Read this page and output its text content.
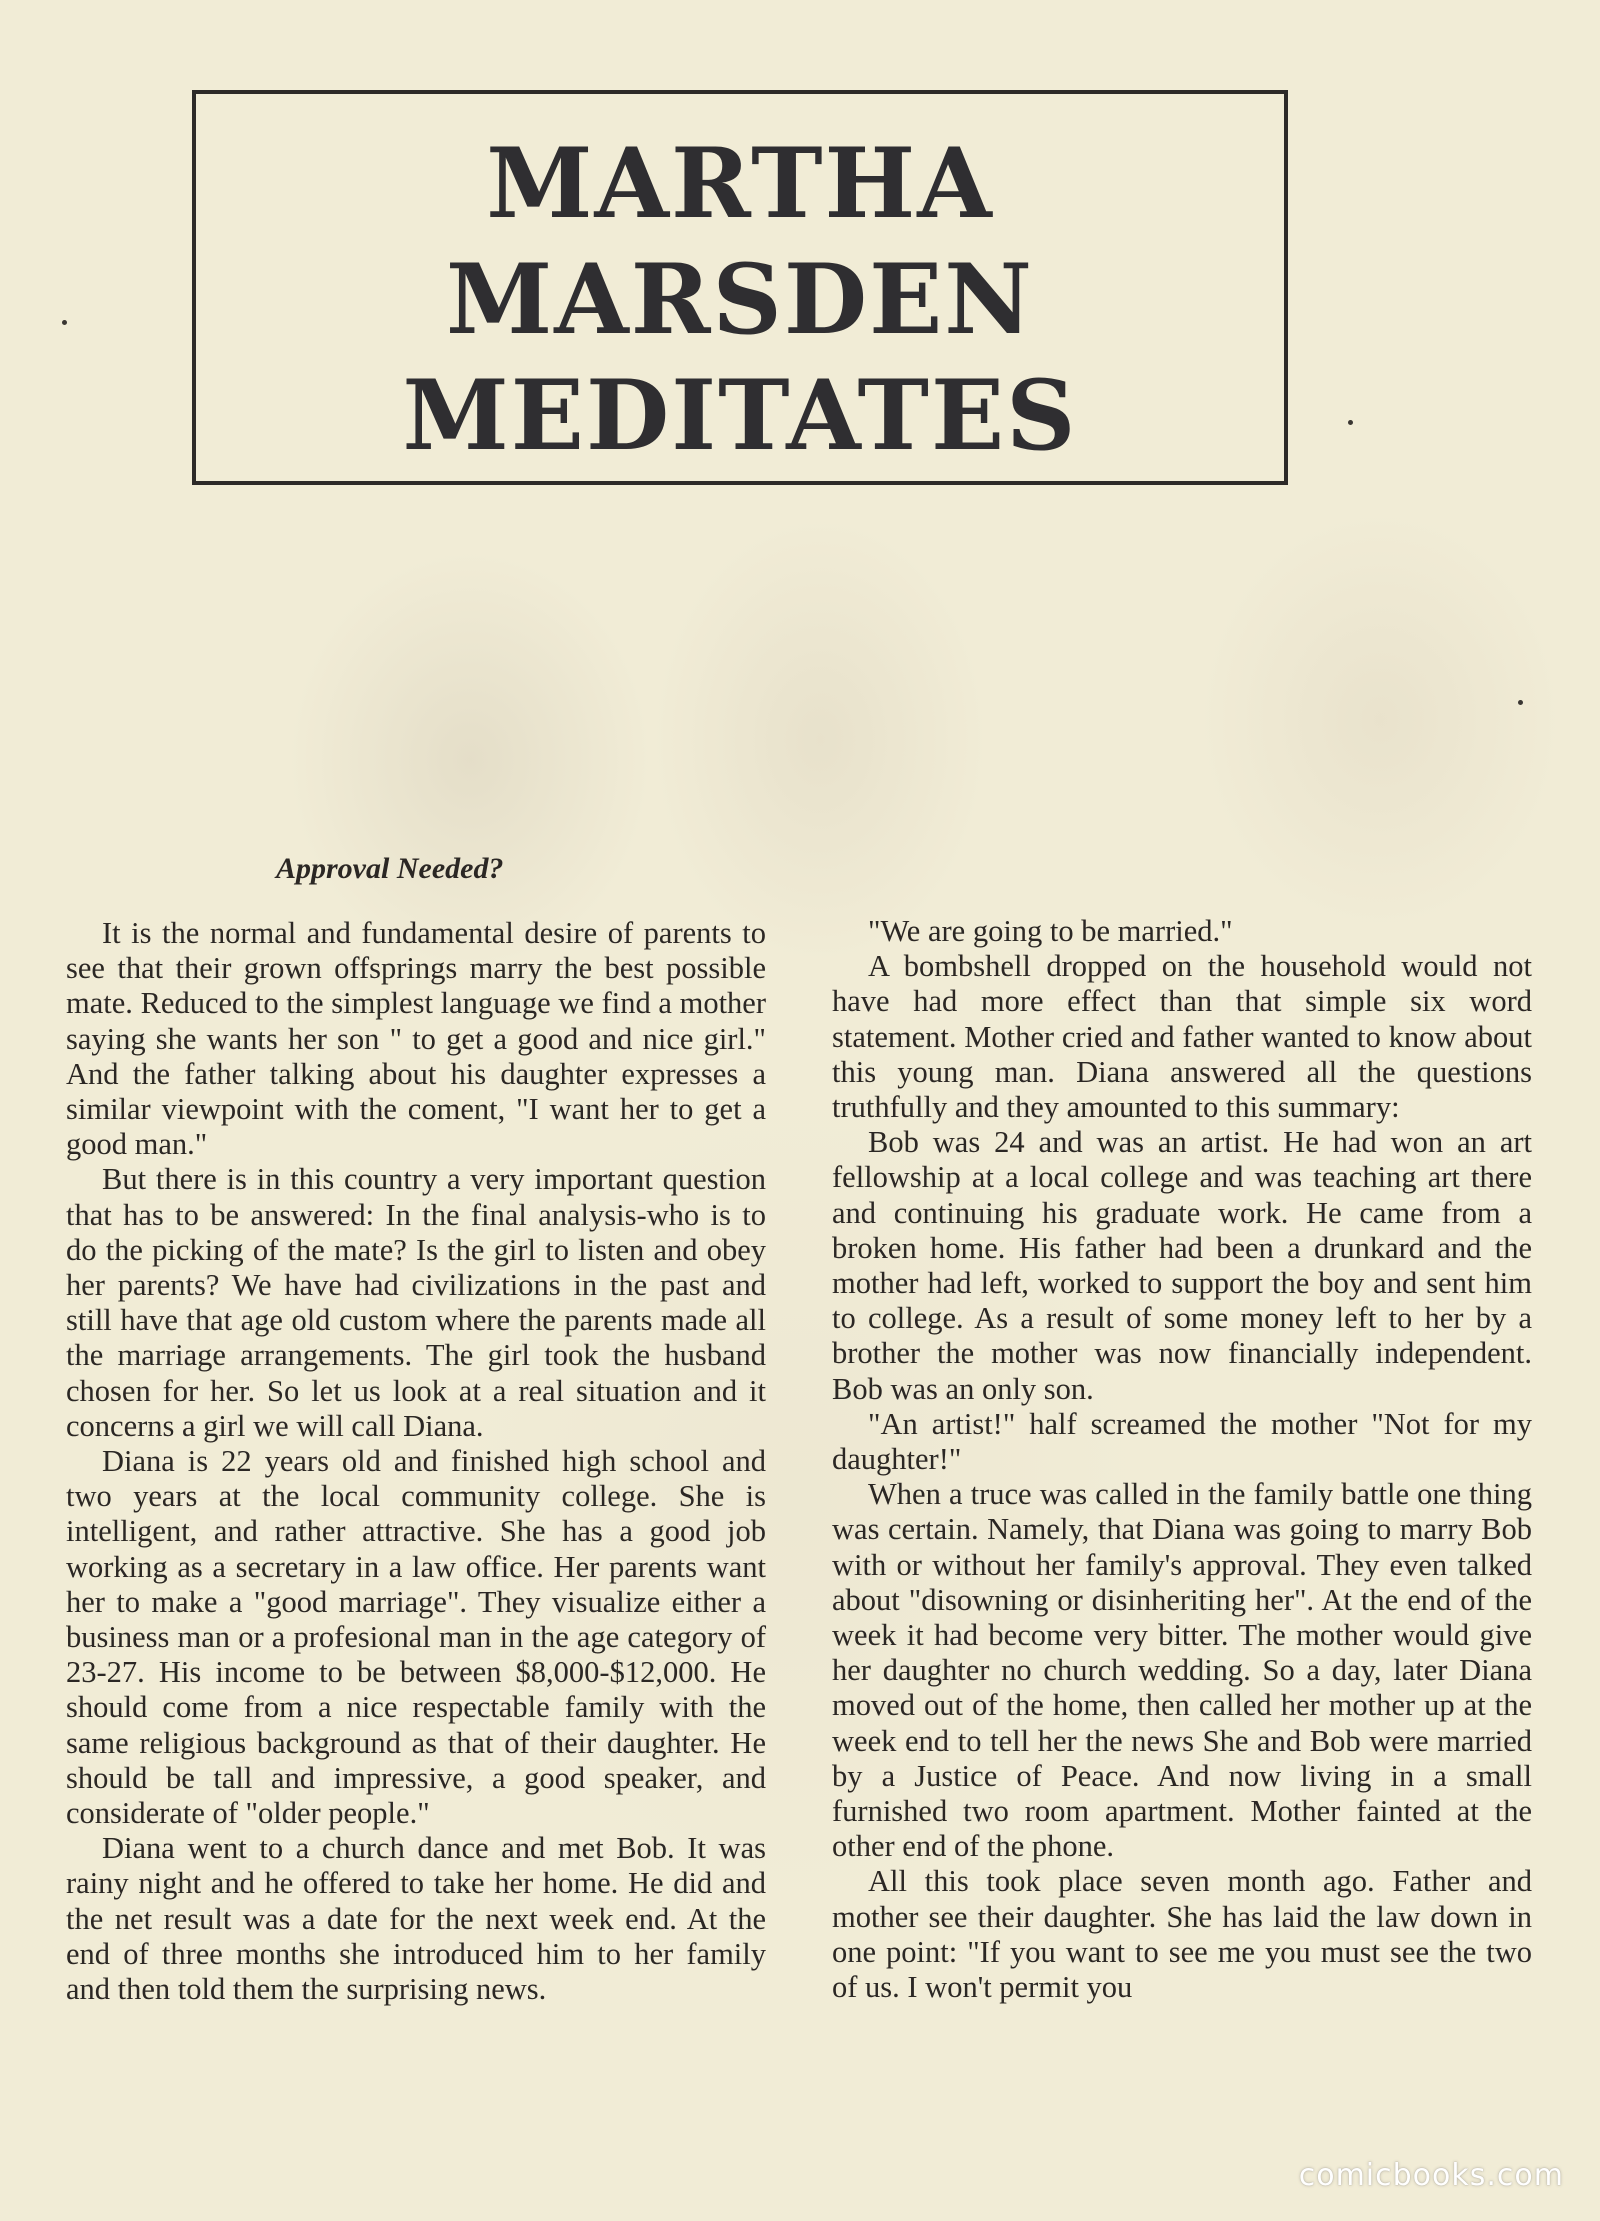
MARTHA
MARSDEN
MEDITATES
Approval Needed?

It is the normal and fundamental desire of parents to see that their grown offsprings marry the best possible mate. Reduced to the simplest language we find a mother saying she wants her son " to get a good and nice girl." And the father talking about his daughter expresses a similar viewpoint with the coment, "I want her to get a good man."

But there is in this country a very important question that has to be answered: In the final analysis-who is to do the picking of the mate? Is the girl to listen and obey her parents? We have had civilizations in the past and still have that age old custom where the parents made all the marriage arrangements. The girl took the husband chosen for her. So let us look at a real situation and it concerns a girl we will call Diana.

Diana is 22 years old and finished high school and two years at the local community college. She is intelligent, and rather attractive. She has a good job working as a secretary in a law office. Her parents want her to make a "good marriage". They visualize either a business man or a profesional man in the age category of 23-27. His income to be between $8,000-$12,000. He should come from a nice respectable family with the same religious background as that of their daughter. He should be tall and impressive, a good speaker, and considerate of "older people."

Diana went to a church dance and met Bob. It was rainy night and he offered to take her home. He did and the net result was a date for the next week end. At the end of three months she introduced him to her family and then told them the surprising news.

"We are going to be married."

A bombshell dropped on the household would not have had more effect than that simple six word statement. Mother cried and father wanted to know about this young man. Diana answered all the questions truthfully and they amounted to this summary:

Bob was 24 and was an artist. He had won an art fellowship at a local college and was teaching art there and continuing his graduate work. He came from a broken home. His father had been a drunkard and the mother had left, worked to support the boy and sent him to college. As a result of some money left to her by a brother the mother was now financially independent. Bob was an only son.

"An artist!" half screamed the mother "Not for my daughter!"

When a truce was called in the family battle one thing was certain. Namely, that Diana was going to marry Bob with or without her family's approval. They even talked about "disowning or disinheriting her". At the end of the week it had become very bitter. The mother would give her daughter no church wedding. So a day, later Diana moved out of the home, then called her mother up at the week end to tell her the news She and Bob were married by a Justice of Peace. And now living in a small furnished two room apartment. Mother fainted at the other end of the phone.

All this took place seven month ago. Father and mother see their daughter. She has laid the law down in one point: "If you want to see me you must see the two of us. I won't permit you

comicbooks.com
